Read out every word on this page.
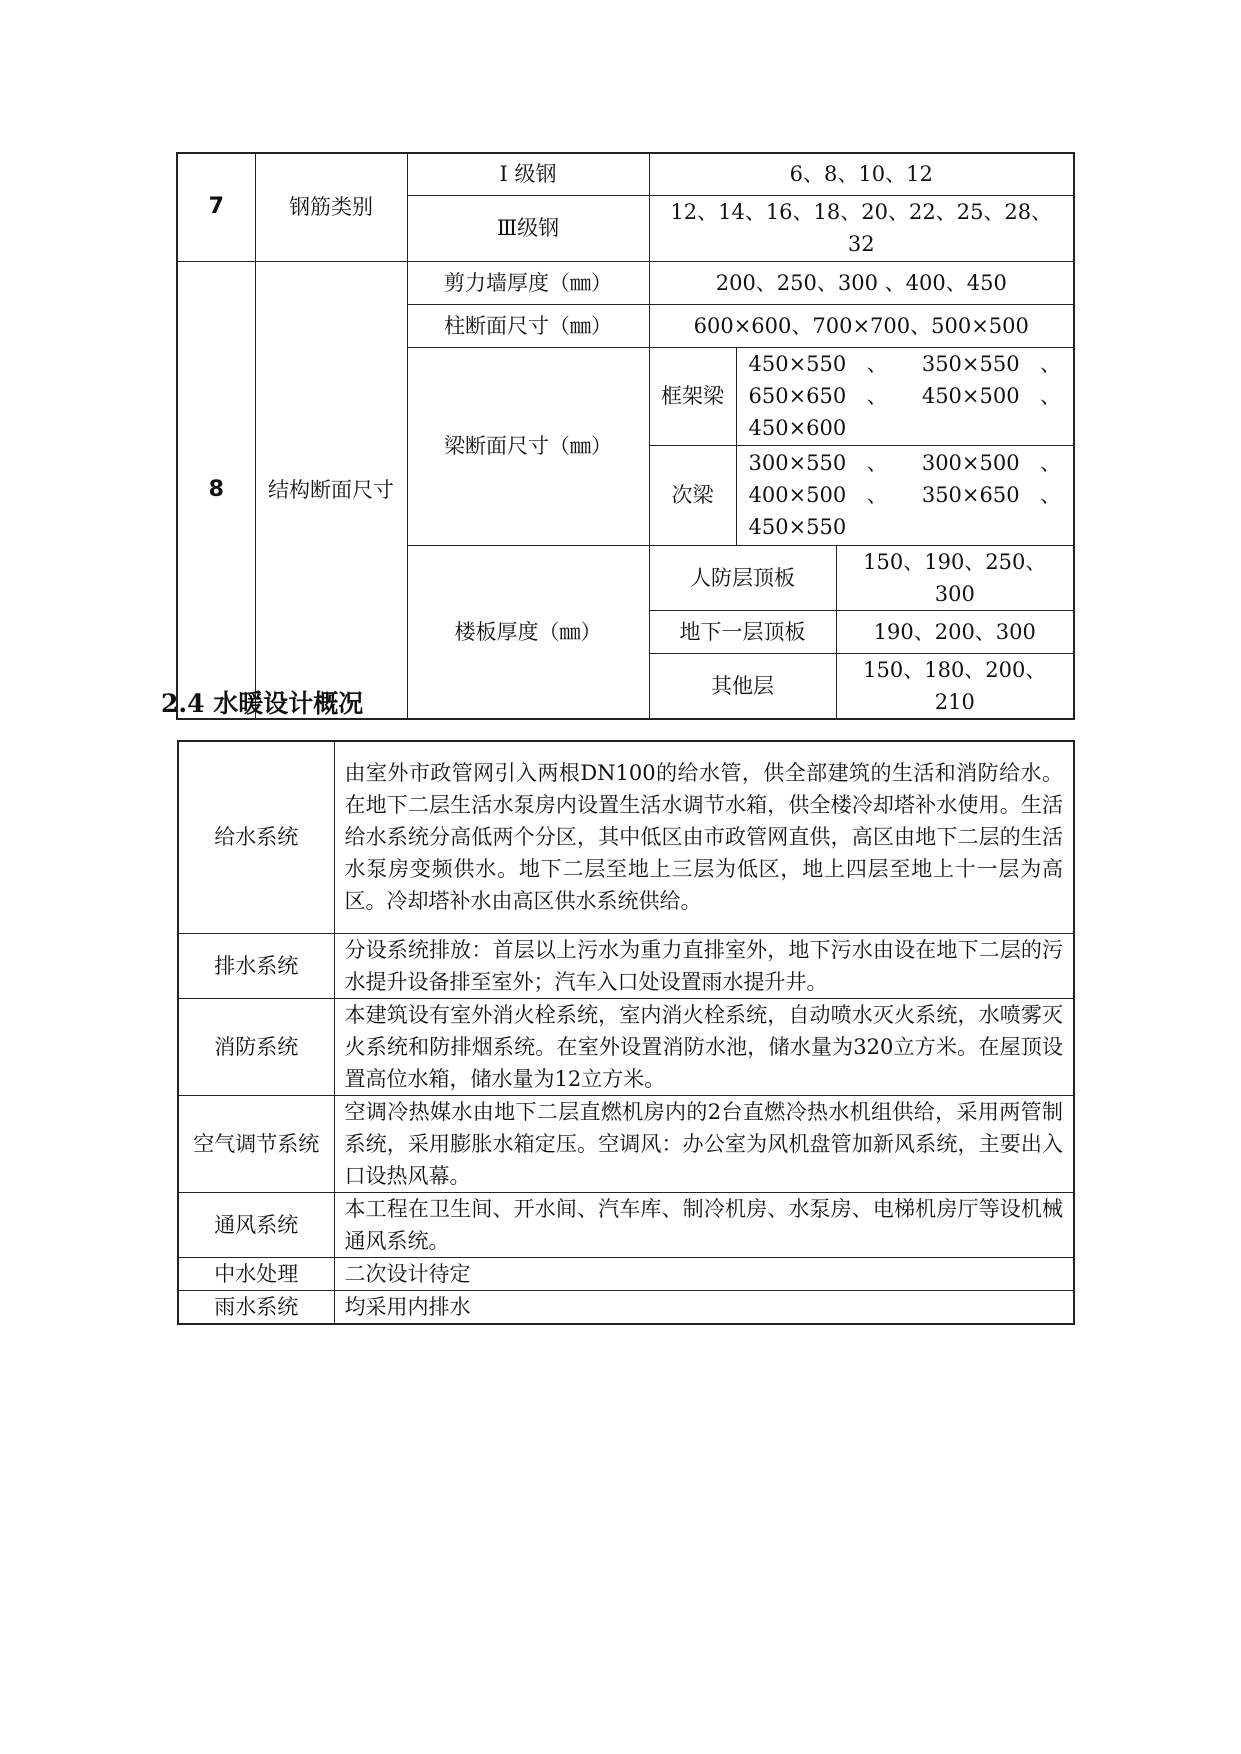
7	钢筋类别	I 级钢	6、8、10、12		
		Ⅲ级钢	12、14、16、18、20、22、25、28、32		
8	结构断面尺寸	剪力墙厚度（㎜）	200、250、300 、400、450		
		柱断面尺寸（㎜）	600×600、700×700、500×500		
		梁断面尺寸（㎜）	框架梁	450×550 、 350×550 、 650×650 、 450×500 、 450×600	
			次梁	300×550 、 300×500 、 400×500 、 350×650 、 450×550	
		楼板厚度（㎜）	人防层顶板		150、190、250、300
			地下一层顶板		190、200、300
			其他层		150、180、200、210
2.4 水暖设计概况
给水系统	由室外市政管网引入两根DN100的给水管，供全部建筑的生活和消防给水。在地下二层生活水泵房内设置生活水调节水箱，供全楼冷却塔补水使用。生活给水系统分高低两个分区，其中低区由市政管网直供，高区由地下二层的生活水泵房变频供水。地下二层至地上三层为低区，地上四层至地上十一层为高区。冷却塔补水由高区供水系统供给。
排水系统	分设系统排放：首层以上污水为重力直排室外，地下污水由设在地下二层的污水提升设备排至室外；汽车入口处设置雨水提升井。
消防系统	本建筑设有室外消火栓系统，室内消火栓系统，自动喷水灭火系统，水喷雾灭火系统和防排烟系统。在室外设置消防水池，储水量为320立方米。在屋顶设置高位水箱，储水量为12立方米。
空气调节系统	空调冷热媒水由地下二层直燃机房内的2台直燃冷热水机组供给，采用两管制系统，采用膨胀水箱定压。空调风：办公室为风机盘管加新风系统，主要出入口设热风幕。
通风系统	本工程在卫生间、开水间、汽车库、制冷机房、水泵房、电梯机房厅等设机械通风系统。
中水处理	二次设计待定
雨水系统	均采用内排水
